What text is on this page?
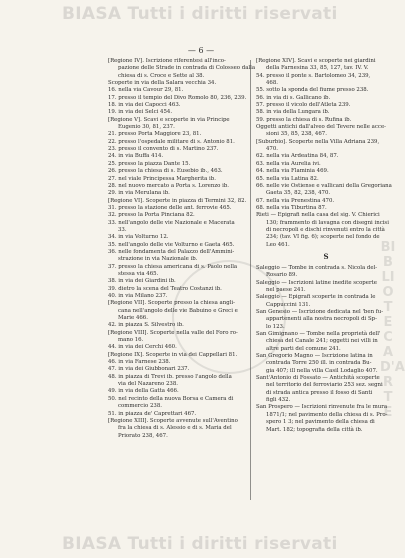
BIASA Tutti i diritti riservati
BIASA Tutti i diritti riservati
BIBLIOTECA D'ARTE
— 6 —
[Regione IV]. Iscrizione riferentesi all'inco-
pazione delle Strade in contrada di Colosseo dalla
chiesa di s. Croce e Sette al 38.
Scoperte in via della Salara vecchia 34.
16. nella via Cavour 29, 81.
17. presso il tempio del Divo Romolo 80, 236, 239.
18. in via dei Capocci 463.
19. in via dei Selci 454.
[Regione V]. Scavi e scoperte in via Principe
Eugenio 30, 81, 237.
21. presso Porta Maggiore 23, 81.
22. presso l'ospedale militare di s. Antonio 81.
23. presso il convento di s. Martino 237.
24. in via Buffa 414.
25. presso la piazza Dante 15.
26. presso la chiesa di s. Eusebio ib., 463.
27. nel viale Principessa Margherita ib.
28. nel nuovo mercato a Porta s. Lorenzo ib.
29. in via Merulana ib.
[Regione VI]. Scoperte in piazza di Termini 32, 82.
31. presso la stazione delle ant. ferrovie 465.
32. presso la Porta Pinciana 82.
33. nell'angolo delle vie Nazionale e Macerata
33.
34. in via Volturno 12.
35. nell'angolo delle vie Volturno e Gaeta 465.
36. nelle fondamenta del Palazzo dell'Ammini-
strazione in via Nazionale ib.
37. presso la chiesa americana di s. Paolo nella
stessa via 465.
38. in via dei Giardini ib.
39. dietro la scena del Teatro Costanzi ib.
40. in via Milano 237.
[Regione VII]. Scoperte presso la chiesa angli-
cana nell'angolo delle vie Babuino e Greci e
Marie 466.
42. in piazza S. Silvestro ib.
[Regione VIII]. Scoperte nella valle del Foro ro-
mano 16.
44. in via dei Cerchi 460.
[Regione IX]. Scoperte in via dei Cappellari 81.
46. in via Farnese 238.
47. in via dei Giubbonari 237.
48. in piazza di Trevi ib. presso l'angolo della
via del Nazareno 238.
49. in via della Gatta 466.
50. nel recinto della nuova Borsa e Camera di
commercio 238.
51. in piazza de' Caprettari 467.
[Regione XIII]. Scoperte avvenute sull'Aventino
fra la chiesa di s. Alessio e di s. Maria del
Priorato 238, 467.
[Regione XIV]. Scavi e scoperte nei giardini
della Farnesina 33, 85, 127, tav. IV. V.
54. presso il ponte s. Bartolomeo 34, 239,
468.
55. sotto la sponda del fiume presso 238.
56. in via di s. Gallicano ib.
57. presso il vicolo dell'Atleta 239.
58. in via della Lungara ib.
59. presso la chiesa di s. Rufina ib.
Oggetti antichi dall'alveo del Tevere nelle acce-
sioni 35, 85, 238, 467.
[Suburbio]. Scoperte nella Villa Adriana 239,
470.
62. nella via Ardeatina 84, 87.
63. nella via Aurelia ivi.
64. nella via Flaminia 469.
65. nella via Latina 82.
66. nelle vie Ostiense e vallicani della Gregoriana
Gaeta 35, 82, 238, 470.
67. nella via Prenestina 470.
68. nella via Tiburtina 87.
Rieti — Epigrafi nella casa del sig. V. Chierici
130; frammento di lavagna con disegni incisi
di necropoli e dischi rinvenuti entro la città
234; (tav. VI fig. 6); scoperte nel fondo de
Leo 461.
S
Saleggio — Tombe in contrada s. Nicola del-
Rosario 89.
Saleggio — Iscrizioni latine inedite scoperte
nel paese 241.
Saleggio — Epigrafi scoperte in contrada le
Cappuccini 131.
San Genesio — Iscrizione dedicata nel 'ben fu-
appartenenti alla nostra necropoli di Sp-
lo 123.
San Gimignano — Tombe nella proprietà dell'
chiesa del Canale 241; oggetti nei villi in
altre parti del comune 241.
San Gregorio Magno — Iscrizione latina in
contrada Torre 250 ill. in contrada Bu-
gia 407; ill nella villa Casil Lodaglio 407.
Sant'Antonio di Fossato — Antichità scoperte
nel territorio del ferroviario 253 sez. segni
di strada antica presso il fosso di Santi
figli 432.
San Prospero — Iscrizioni rinvenute fra le mura
1871/1; nel pavimento della chiesa di s. Pro-
spero 1 3; nel pavimento della chiesa di
Mart. 182; topografia della città ib.
